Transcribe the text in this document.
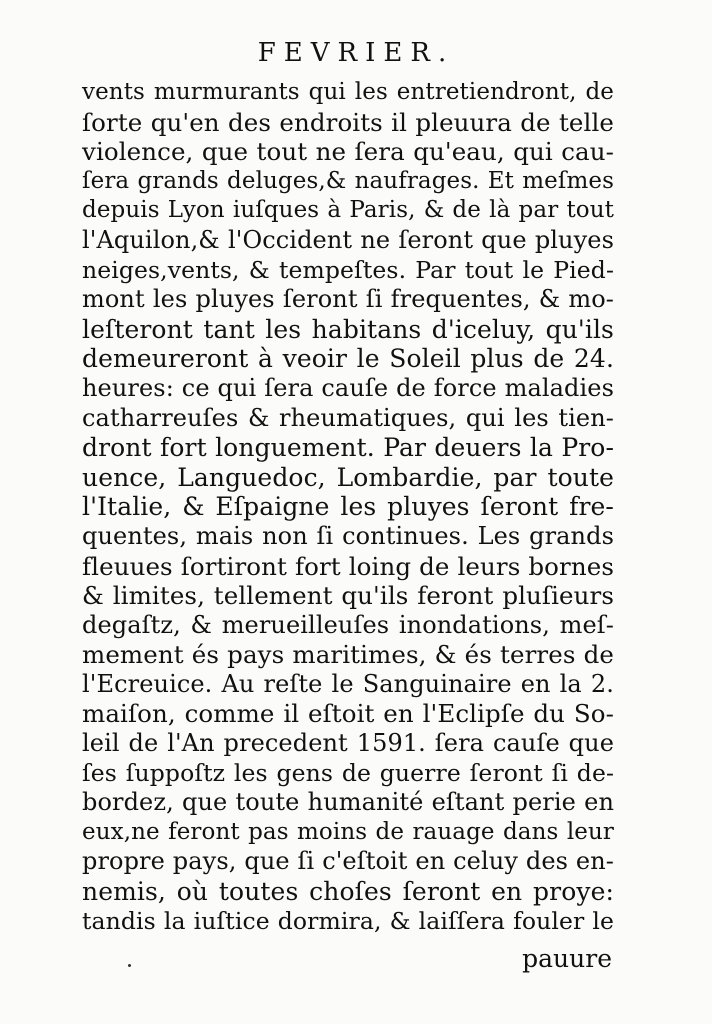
FEVRIER.
vents murmurants qui les entretiendront, de
ſorte qu'en des endroits il pleuura de telle
violence, que tout ne ſera qu'eau, qui cau-
ſera grands deluges,& naufrages. Et meſmes
depuis Lyon iuſques à Paris, & de là par tout
l'Aquilon,& l'Occident ne ſeront que pluyes
neiges,vents, & tempeſtes. Par tout le Pied-
mont les pluyes ſeront ſi frequentes, & mo-
leſteront tant les habitans d'iceluy, qu'ils
demeureront à veoir le Soleil plus de 24.
heures: ce qui ſera cauſe de force maladies
catharreuſes & rheumatiques, qui les tien-
dront fort longuement. Par deuers la Pro-
uence, Languedoc, Lombardie, par toute
l'Italie, & Eſpaigne les pluyes ſeront fre-
quentes, mais non ſi continues. Les grands
fleuues ſortiront fort loing de leurs bornes
& limites, tellement qu'ils feront pluſieurs
degaſtz, & merueilleuſes inondations, meſ-
mement és pays maritimes, & és terres de
l'Ecreuice. Au reſte le Sanguinaire en la 2.
maiſon, comme il eſtoit en l'Eclipſe du So-
leil de l'An precedent 1591. ſera cauſe que
ſes ſuppoſtz les gens de guerre ſeront ſi de-
bordez, que toute humanité eſtant perie en
eux,ne feront pas moins de rauage dans leur
propre pays, que ſi c'eſtoit en celuy des en-
nemis, où toutes choſes ſeront en proye:
tandis la iuſtice dormira, & laiſſera fouler le
pauure
